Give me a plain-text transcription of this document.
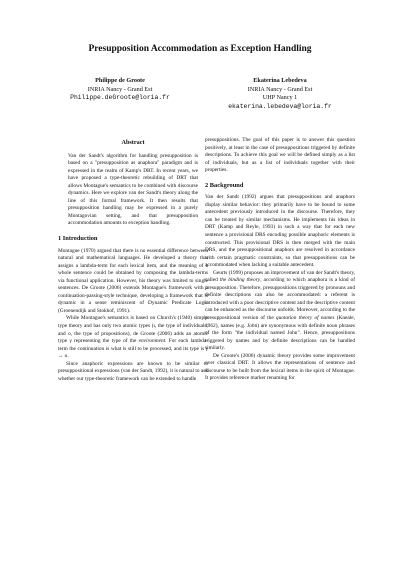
Presupposition Accommodation as Exception Handling
Philippe de Groote
INRIA Nancy - Grand Est
Philippe.deGroote@loria.fr
Ekaterina Lebedeva
INRIA Nancy - Grand Est
UHP Nancy 1
ekaterina.lebedeva@loria.fr
Abstract

Van der Sandt's algorithm for handling presupposition is based on a "presupposition as anaphora" paradigm and is expressed in the realm of Kamp's DRT. In recent years, we have proposed a type-theoretic rebuilding of DRT that allows Montague's semantics to be combined with discourse dynamics. Here we explore van der Sandt's theory along the line of this formal framework. It then results that presupposition handling may be expressed in a purely Montagovian setting, and that presupposition accommodation amounts to exception handling.

1 Introduction

Montague (1970) argued that there is no essential difference between natural and mathematical languages. He developed a theory that assigns a lambda-term for each lexical item, and the meaning of a whole sentence could be obtained by composing the lambda-terms via functional application. However, his theory was limited to single sentences. De Groote (2006) extends Montague's framework with a continuation-passing-style technique, developing a framework that is dynamic in a sense reminiscent of Dynamic Predicate Logic (Groenendijk and Stokhof, 1991).

While Montague's semantics is based on Church's (1940) simple type theory and has only two atomic types (ι, the type of individuals; and o, the type of propositions), de Groote (2006) adds an atomic type γ representing the type of the environment. For each lambda-term the continuation is what is still to be processed, and its type is γ → o.

Since anaphoric expressions are known to be similar to presuppositional expressions (van der Sandt, 1992), it is natural to ask whether our type-theoretic framework can be extended to handle

presuppositions. The goal of this paper is to answer this question positively, at least in the case of presuppositions triggered by definite descriptions. To achieve this goal we will be defined simply as a list of individuals, but as a list of individuals together with their properties.

2 Background

Van der Sandt (1992) argues that presuppositions and anaphors display similar behavior: they primarily have to be bound to some antecedent previously introduced in the discourse. Therefore, they can be treated by similar mechanisms. He implements his ideas in DRT (Kamp and Reyle, 1993) in such a way that for each new sentence a provisional DRS encoding possible anaphoric elements is constructed. This provisional DRS is then merged with the main DRS, and the presuppositional anaphors are resolved in accordance with certain pragmatic constraints, so that presuppositions can be accommodated when lacking a suitable antecedent.

Geurts (1999) proposes an improvement of van der Sandt's theory, called the binding theory, according to which anaphora is a kind of presupposition. Therefore, presuppositions triggered by pronouns and definite descriptions can also be accommodated: a referent is introduced with a poor descriptive content and the descriptive content can be enhanced as the discourse unfolds. Moreover, according to the presuppositional version of the quotation theory of names (Kneale, 1962), names (e.g. John) are synonymous with definite noun phrases of the form "the individual named John". Hence, presuppositions triggered by names and by definite descriptions can be handled similarly.

De Groote's (2006) dynamic theory provides some improvement over classical DRT. It allows the representations of sentence and discourse to be built from the lexical items in the spirit of Montague. It provides reference marker renaming for
